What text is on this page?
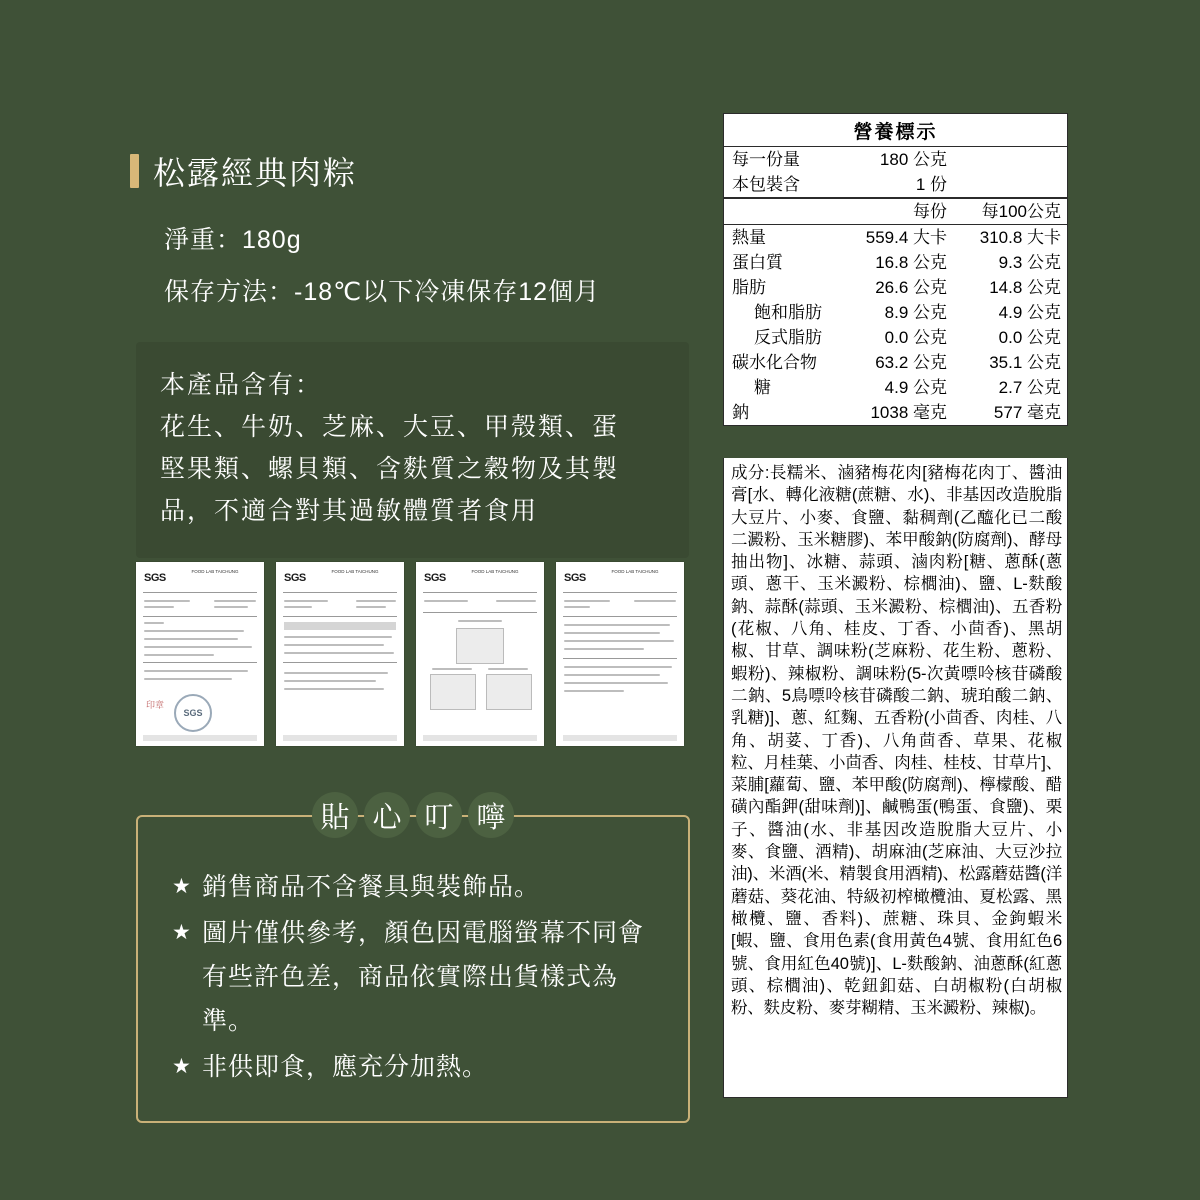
松露經典肉粽
淨重：180g
保存方法：-18℃以下冷凍保存12個月
本產品含有：
花生、牛奶、芝麻、大豆、甲殼類、蛋
堅果類、螺貝類、含麩質之穀物及其製
品，不適合對其過敏體質者食用
SGS
FOOD LAB TAICHUNG
印章
SGS
SGS
FOOD LAB TAICHUNG
SGS
FOOD LAB TAICHUNG
SGS
FOOD LAB TAICHUNG
貼 心 叮 嚀
★ 銷售商品不含餐具與裝飾品。
★ 圖片僅供參考，顏色因電腦螢幕不同會有些許色差，商品依實際出貨樣式為準。
★ 非供即食，應充分加熱。
營養標示
每一份量	180 公克
本包裝含	1 份
每份	每100公克
熱量	559.4 大卡	310.8 大卡
蛋白質	16.8 公克	9.3 公克
脂肪	26.6 公克	14.8 公克
飽和脂肪	8.9 公克	4.9 公克
反式脂肪	0.0 公克	0.0 公克
碳水化合物	63.2 公克	35.1 公克
糖	4.9 公克	2.7 公克
鈉	1038 毫克	577 毫克
成分:長糯米、滷豬梅花肉[豬梅花肉丁、醬油膏[水、轉化液糖(蔗糖、水)、非基因改造脫脂大豆片、小麥、食鹽、黏稠劑(乙醯化已二酸二澱粉、玉米糖膠)、苯甲酸鈉(防腐劑)、酵母抽出物]、冰糖、蒜頭、滷肉粉[糖、蔥酥(蔥頭、蔥干、玉米澱粉、棕櫚油)、鹽、L-麩酸鈉、蒜酥(蒜頭、玉米澱粉、棕櫚油)、五香粉(花椒、八角、桂皮、丁香、小茴香)、黑胡椒、甘草、調味粉(芝麻粉、花生粉、蔥粉、蝦粉)、辣椒粉、調味粉(5-次黃嘌呤核苷磷酸二鈉、5鳥嘌呤核苷磷酸二鈉、琥珀酸二鈉、乳糖)]、蔥、紅麴、五香粉(小茴香、肉桂、八角、胡荽、丁香)、八角茴香、草果、花椒粒、月桂葉、小茴香、肉桂、桂枝、甘草片]、菜脯[蘿蔔、鹽、苯甲酸(防腐劑)、檸檬酸、醋磺內酯鉀(甜味劑)]、鹹鴨蛋(鴨蛋、食鹽)、栗子、醬油(水、非基因改造脫脂大豆片、小麥、食鹽、酒精)、胡麻油(芝麻油、大豆沙拉油)、米酒(米、精製食用酒精)、松露蘑菇醬(洋蘑菇、葵花油、特級初榨橄欖油、夏松露、黑橄欖、鹽、香料)、蔗糖、珠貝、金鉤蝦米[蝦、鹽、食用色素(食用黃色4號、食用紅色6號、食用紅色40號)]、L-麩酸鈉、油蔥酥(紅蔥頭、棕櫚油)、乾鈕釦菇、白胡椒粉(白胡椒粉、麩皮粉、麥芽糊精、玉米澱粉、辣椒)。
